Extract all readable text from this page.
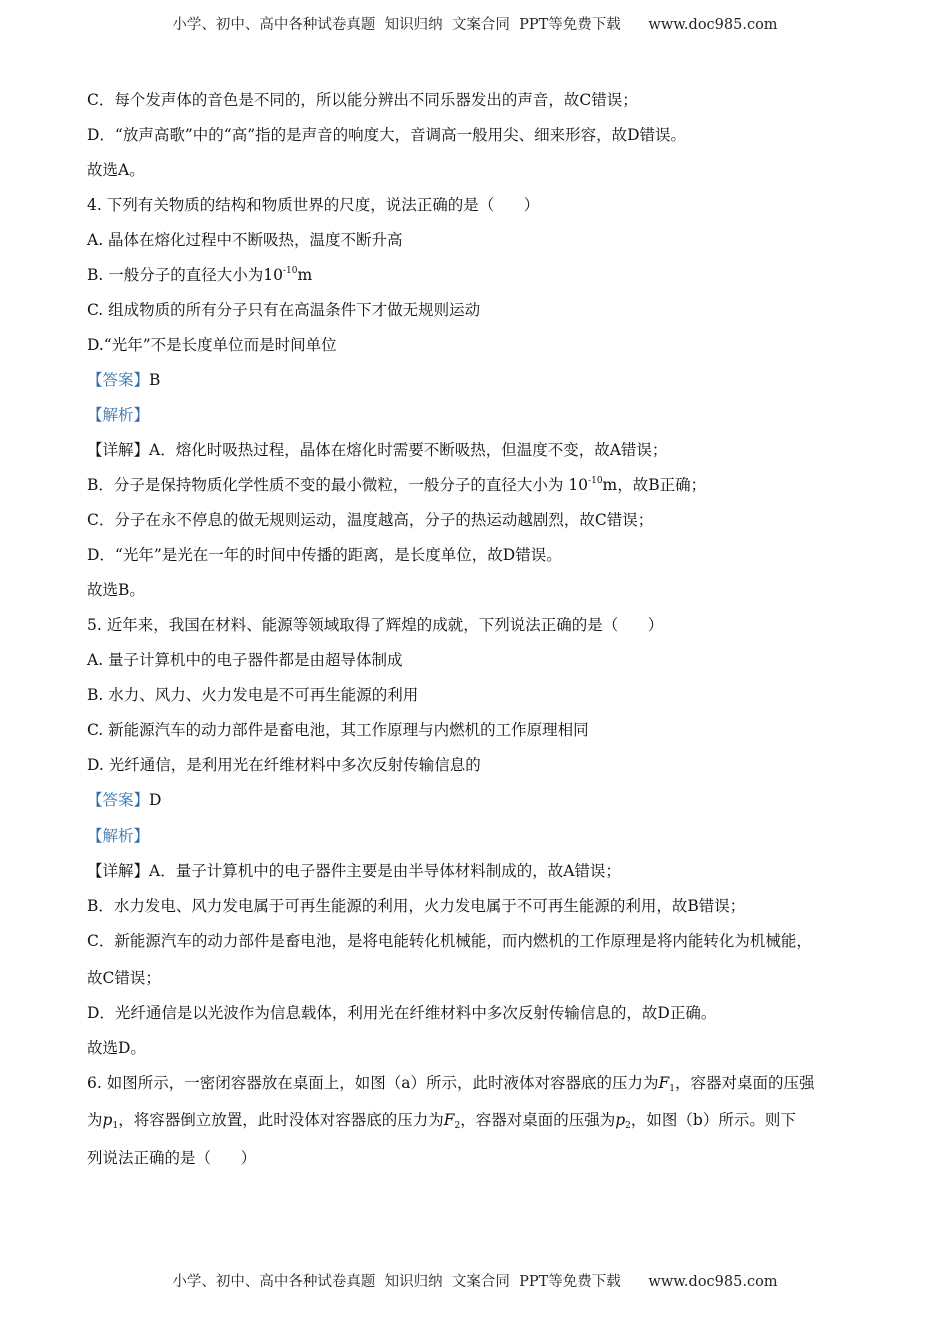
小学、初中、高中各种试卷真题  知识归纳  文案合同  PPT等免费下载      www.doc985.com
C．每个发声体的音色是不同的，所以能分辨出不同乐器发出的声音，故C错误；
D．“放声高歌”中的“高”指的是声音的响度大，音调高一般用尖、细来形容，故D错误。
故选A。
4. 下列有关物质的结构和物质世界的尺度，说法正确的是（      ）
A. 晶体在熔化过程中不断吸热，温度不断升高
B. 一般分子的直径大小为$10^{-10}m$
C. 组成物质的所有分子只有在高温条件下才做无规则运动
D.“光年”不是长度单位而是时间单位
【答案】B
【解析】
【详解】A．熔化时吸热过程，晶体在熔化时需要不断吸热，但温度不变，故A错误；
B．分子是保持物质化学性质不变的最小微粒，一般分子的直径大小为 $10^{-10}m$，故B正确；
C．分子在永不停息的做无规则运动，温度越高，分子的热运动越剧烈，故C错误；
D．“光年”是光在一年的时间中传播的距离，是长度单位，故D错误。
故选B。
5. 近年来，我国在材料、能源等领域取得了辉煌的成就，下列说法正确的是（      ）
A. 量子计算机中的电子器件都是由超导体制成
B. 水力、风力、火力发电是不可再生能源的利用
C. 新能源汽车的动力部件是畜电池，其工作原理与内燃机的工作原理相同
D. 光纤通信，是利用光在纤维材料中多次反射传输信息的
【答案】D
【解析】
【详解】A．量子计算机中的电子器件主要是由半导体材料制成的，故A错误；
B．水力发电、风力发电属于可再生能源的利用，火力发电属于不可再生能源的利用，故B错误；
C．新能源汽车的动力部件是畜电池，是将电能转化机械能，而内燃机的工作原理是将内能转化为机械能，
故C错误；
D．光纤通信是以光波作为信息载体，利用光在纤维材料中多次反射传输信息的，故D正确。
故选D。
6. 如图所示，一密闭容器放在桌面上，如图（a）所示，此时液体对容器底的压力为$F_1$，容器对桌面的压强
为$p_1$，将容器倒立放置，此时没体对容器底的压力为$F_2$，容器对桌面的压强为$p_2$，如图（b）所示。则下
列说法正确的是（      ）
小学、初中、高中各种试卷真题  知识归纳  文案合同  PPT等免费下载      www.doc985.com
